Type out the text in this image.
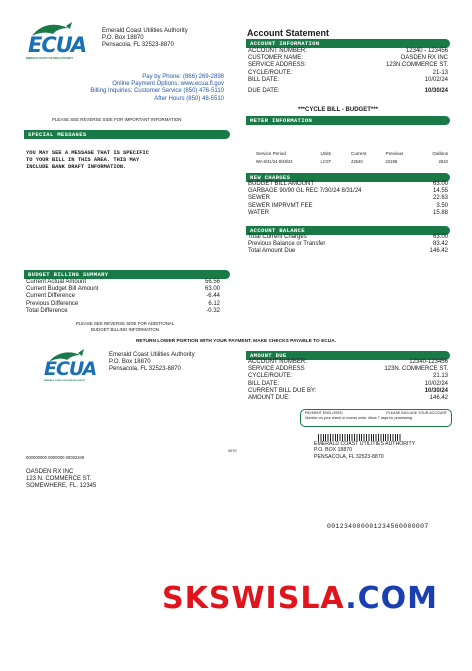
ECUA
EMERALD COAST UTILITIES AUTHORITY
Emerald Coast Utilities Authority
P.O. Box 18870
Pensacola, FL 32523-8870
Pay by Phone: (866) 269-2898
Online Payment Options: www.ecua.fl.gov
Billing Inquiries: Customer Service (850) 476-5110
After Hours (850) 48-5510
PLEASE SEE REVERSE SIDE FOR IMPORTANT INFORMATION
Account Statement
ACCOUNT INFORMATION
ACCOUNT NUMBER:	12340 - 123456
CUSTOMER NAME:	OASDEN RX INC
SERVICE ADDRESS:	123N.COMMERCE ST.
CYCLE/ROUTE:	21-13
BILL DATE:	10/02/24
DUE DATE:	10/30/24
***CYCLE BILL - BUDGET***
METER INFORMATION
Service Period	Units	Current	Previous	Gallons
WA 8/31/24 9/28/24	LCST	22540	22198	2842
SPECIAL MESSAGES
YOU MAY SEE A MESSAGE THAT IS SPECIFIC
TO YOUR BILL IN THIS AREA. THIS MAY
INCLUDE BANK DRAFT INFORMATION.
NEW CHARGES
BUDGET BILL AMOUNT	63.00
GARBAGE 90/90 GL REC 7/30/24 8/31/24	14.55
SEWER	22.63
SEWER IMPRVMT FEE	3.50
WATER	15.88
ACCOUNT BALANCE
Total Current Charges	63.00
Previous Balance or Transfer	83.42
Total Amount Due	146.42
BUDGET BILLING SUMMARY
Current Actual Amount	56.56
Current Budget Bill Amount	63.00
Current Difference	-6.44
Previous Difference	6.12
Total Difference	-0.32
PLEASE SEE REVERSE SIDE FOR ADDITIONAL
BUDGET BILLING INFORMATION
RETURN LOWER PORTION WITH YOUR PAYMENT. MAKE CHECKS PAYABLE TO ECUA.
ECUA
EMERALD COAST UTILITIES AUTHORITY
Emerald Coast Utilities Authority
P.O. Box 18870
Pensacola, FL 32523-8870
AMOUNT DUE
ACCOUNT NUMBER:	12340-123456
SERVICE ADDRESS	123N. COMMERCE ST.
CYCLE/ROUTE:	21.13
BILL DATE:	10/02/24
CURRENT BILL DUE BY:	10/30/24
AMOUNT DUE:	146.42
PAYMENT ENCLOSED	PLEASE INCLUDE YOUR ACCOUNT
Number on your check or money order. Allow 7 days for processing
EMERALD COAST UTILITIES AUTHORITY
P.O. BOX 18870
PENSACOLA, FL 32523-8870
0070
000000000 0000000 00002349
OASDEN RX INC
123 N. COMMERCE ST.
SOMEWHERE, FL. 12345
001234000001234560000007
SKSWISLA.COM
